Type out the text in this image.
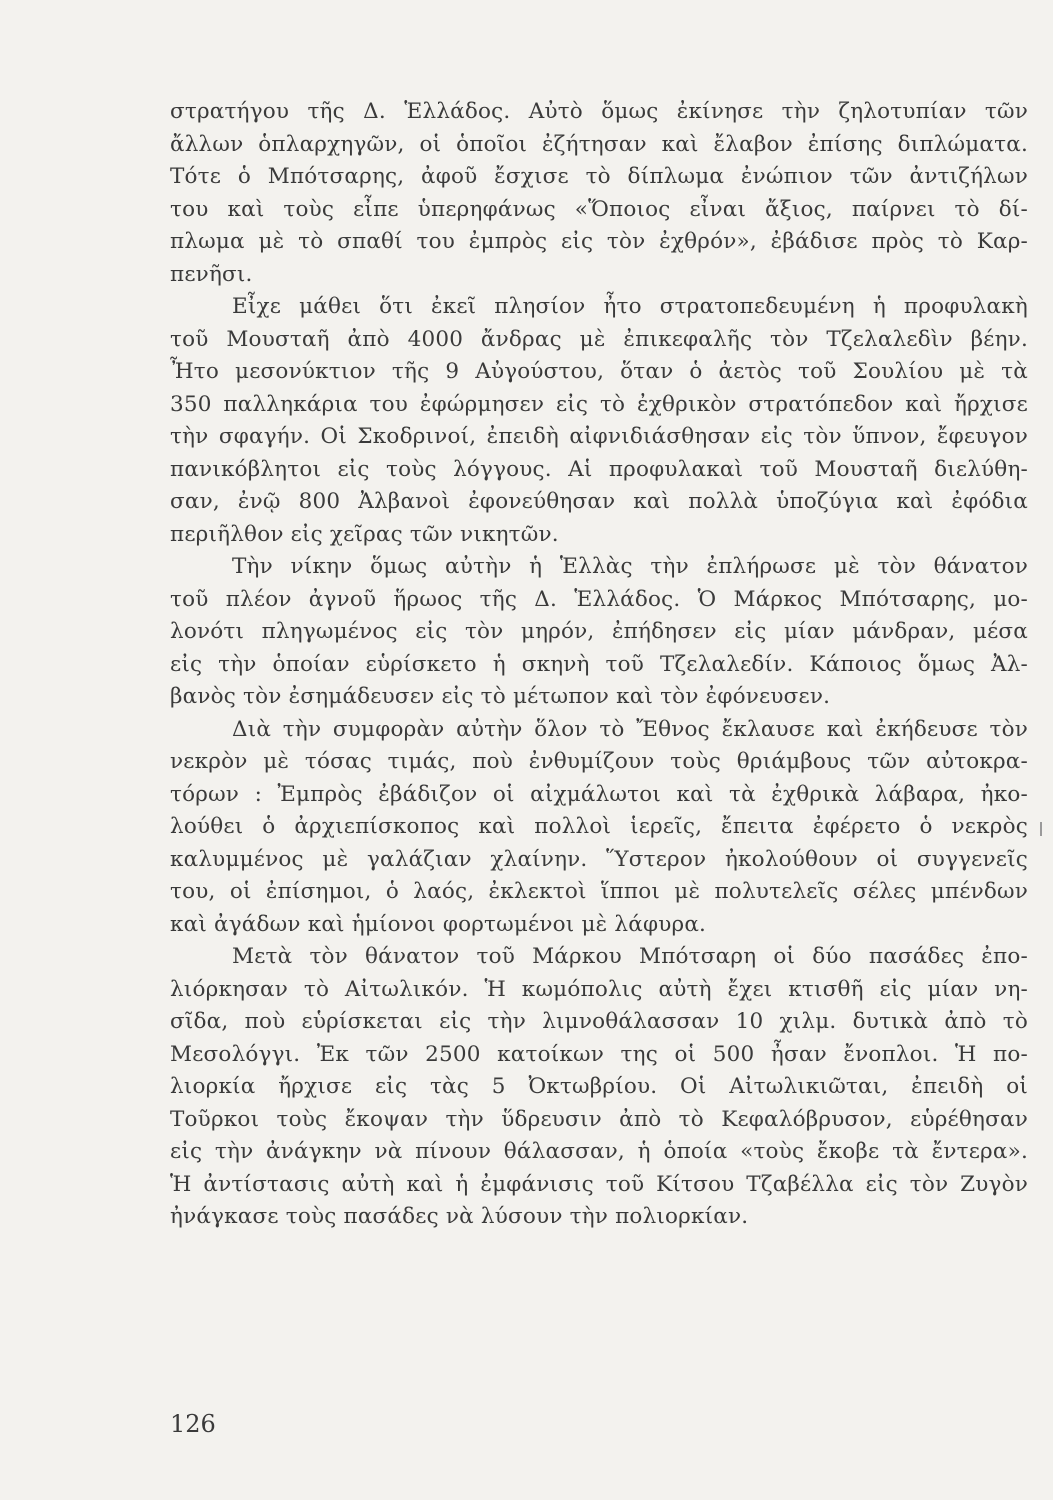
στρατήγου τῆς Δ. Ἑλλάδος. Αὐτὸ ὅμως ἐκίνησε τὴν ζηλοτυπίαν τῶν
ἄλλων ὁπλαρχηγῶν, οἱ ὁποῖοι ἐζήτησαν καὶ ἔλαβον ἐπίσης διπλώματα.
Τότε ὁ Μπότσαρης, ἀφοῦ ἔσχισε τὸ δίπλωμα ἐνώπιον τῶν ἀντιζήλων
του καὶ τοὺς εἶπε ὑπερηφάνως «Ὅποιος εἶναι ἄξιος, παίρνει τὸ δί-
πλωμα μὲ τὸ σπαθί του ἐμπρὸς εἰς τὸν ἐχθρόν», ἐβάδισε πρὸς τὸ Καρ-
πενῆσι.
Εἶχε μάθει ὅτι ἐκεῖ πλησίον ἦτο στρατοπεδευμένη ἡ προφυλακὴ
τοῦ Μουσταῆ ἀπὸ 4000 ἄνδρας μὲ ἐπικεφαλῆς τὸν Τζελαλεδὶν βέην.
Ἦτο μεσονύκτιον τῆς 9 Αὐγούστου, ὅταν ὁ ἀετὸς τοῦ Σουλίου μὲ τὰ
350 παλληκάρια του ἐφώρμησεν εἰς τὸ ἐχθρικὸν στρατόπεδον καὶ ἤρχισε
τὴν σφαγήν. Οἱ Σκοδρινοί, ἐπειδὴ αἰφνιδιάσθησαν εἰς τὸν ὕπνον, ἔφευγον
πανικόβλητοι εἰς τοὺς λόγγους. Αἱ προφυλακαὶ τοῦ Μουσταῆ διελύθη-
σαν, ἐνῷ 800 Ἀλβανοὶ ἐφονεύθησαν καὶ πολλὰ ὑποζύγια καὶ ἐφόδια
περιῆλθον εἰς χεῖρας τῶν νικητῶν.
Τὴν νίκην ὅμως αὐτὴν ἡ Ἑλλὰς τὴν ἐπλήρωσε μὲ τὸν θάνατον
τοῦ πλέον ἀγνοῦ ἥρωος τῆς Δ. Ἑλλάδος. Ὁ Μάρκος Μπότσαρης, μο-
λονότι πληγωμένος εἰς τὸν μηρόν, ἐπήδησεν εἰς μίαν μάνδραν, μέσα
εἰς τὴν ὁποίαν εὑρίσκετο ἡ σκηνὴ τοῦ Τζελαλεδίν. Κάποιος ὅμως Ἀλ-
βανὸς τὸν ἐσημάδευσεν εἰς τὸ μέτωπον καὶ τὸν ἐφόνευσεν.
Διὰ τὴν συμφορὰν αὐτὴν ὅλον τὸ Ἔθνος ἔκλαυσε καὶ ἐκήδευσε τὸν
νεκρὸν μὲ τόσας τιμάς, ποὺ ἐνθυμίζουν τοὺς θριάμβους τῶν αὐτοκρα-
τόρων : Ἐμπρὸς ἐβάδιζον οἱ αἰχμάλωτοι καὶ τὰ ἐχθρικὰ λάβαρα, ἠκο-
λούθει ὁ ἀρχιεπίσκοπος καὶ πολλοὶ ἱερεῖς, ἔπειτα ἐφέρετο ὁ νεκρὸς
καλυμμένος μὲ γαλάζιαν χλαίνην. Ὕστερον ἠκολούθουν οἱ συγγενεῖς
του, οἱ ἐπίσημοι, ὁ λαός, ἐκλεκτοὶ ἵπποι μὲ πολυτελεῖς σέλες μπένδων
καὶ ἀγάδων καὶ ἡμίονοι φορτωμένοι μὲ λάφυρα.
Μετὰ τὸν θάνατον τοῦ Μάρκου Μπότσαρη οἱ δύο πασάδες ἐπο-
λιόρκησαν τὸ Αἰτωλικόν. Ἡ κωμόπολις αὐτὴ ἔχει κτισθῆ εἰς μίαν νη-
σῖδα, ποὺ εὑρίσκεται εἰς τὴν λιμνοθάλασσαν 10 χιλμ. δυτικὰ ἀπὸ τὸ
Μεσολόγγι. Ἐκ τῶν 2500 κατοίκων της οἱ 500 ἦσαν ἔνοπλοι. Ἡ πο-
λιορκία ἤρχισε εἰς τὰς 5 Ὀκτωβρίου. Οἱ Αἰτωλικιῶται, ἐπειδὴ οἱ
Τοῦρκοι τοὺς ἔκοψαν τὴν ὕδρευσιν ἀπὸ τὸ Κεφαλόβρυσον, εὑρέθησαν
εἰς τὴν ἀνάγκην νὰ πίνουν θάλασσαν, ἡ ὁποία «τοὺς ἔκοβε τὰ ἔντερα».
Ἡ ἀντίστασις αὐτὴ καὶ ἡ ἐμφάνισις τοῦ Κίτσου Τζαβέλλα εἰς τὸν Ζυγὸν
ἠνάγκασε τοὺς πασάδες νὰ λύσουν τὴν πολιορκίαν.
126
